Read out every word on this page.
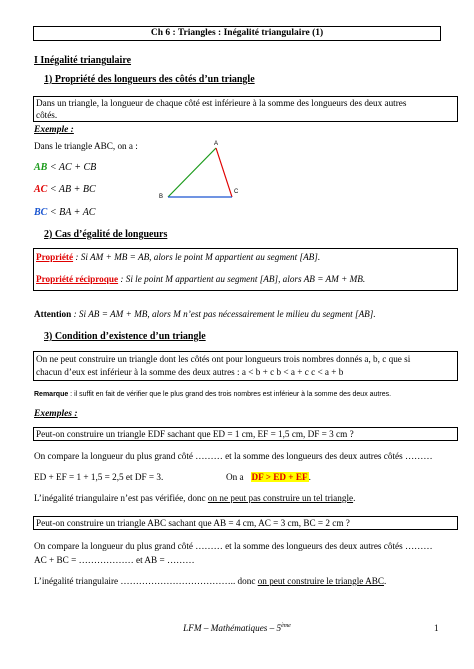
Ch 6 : Triangles : Inégalité triangulaire (1)
I Inégalité triangulaire
1) Propriété des longueurs des côtés d’un triangle
Dans un triangle, la longueur de chaque côté est inférieure à la somme des longueurs des deux autres
côtés.
Exemple :
Dans le triangle ABC, on a :
AB < AC + CB
AC < AB + BC
BC < BA + AC
A
B
C
2) Cas d’égalité de longueurs
Propriété : Si AM + MB = AB, alors le point M appartient au segment [AB].
Propriété réciproque : Si le point M appartient au segment [AB], alors AB = AM + MB.
Attention : Si AB = AM + MB, alors M n’est pas nécessairement le milieu du segment [AB].
3) Condition d’existence d’un triangle
On ne peut construire un triangle dont les côtés ont pour longueurs trois nombres donnés a, b, c que si
chacun d’eux est inférieur à la somme des deux autres : a < b + c b < a + c c < a + b
Remarque : il suffit en fait de vérifier que le plus grand des trois nombres est inférieur à la somme des deux autres.
Exemples :
Peut-on construire un triangle EDF sachant que ED = 1 cm, EF = 1,5 cm, DF = 3 cm ?
On compare la longueur du plus grand côté ……… et la somme des longueurs des deux autres côtés ………
ED + EF = 1 + 1,5 = 2,5 et DF = 3.	On a DF > ED + EF.
L’inégalité triangulaire n’est pas vérifiée, donc on ne peut pas construire un tel triangle.
Peut-on construire un triangle ABC sachant que AB = 4 cm, AC = 3 cm, BC = 2 cm ?
On compare la longueur du plus grand côté ……… et la somme des longueurs des deux autres côtés ………
AC + BC = ……………… et AB = ………
L’inégalité triangulaire ……………………………….. donc on peut construire le triangle ABC.
LFM – Mathématiques – 5ème	1
